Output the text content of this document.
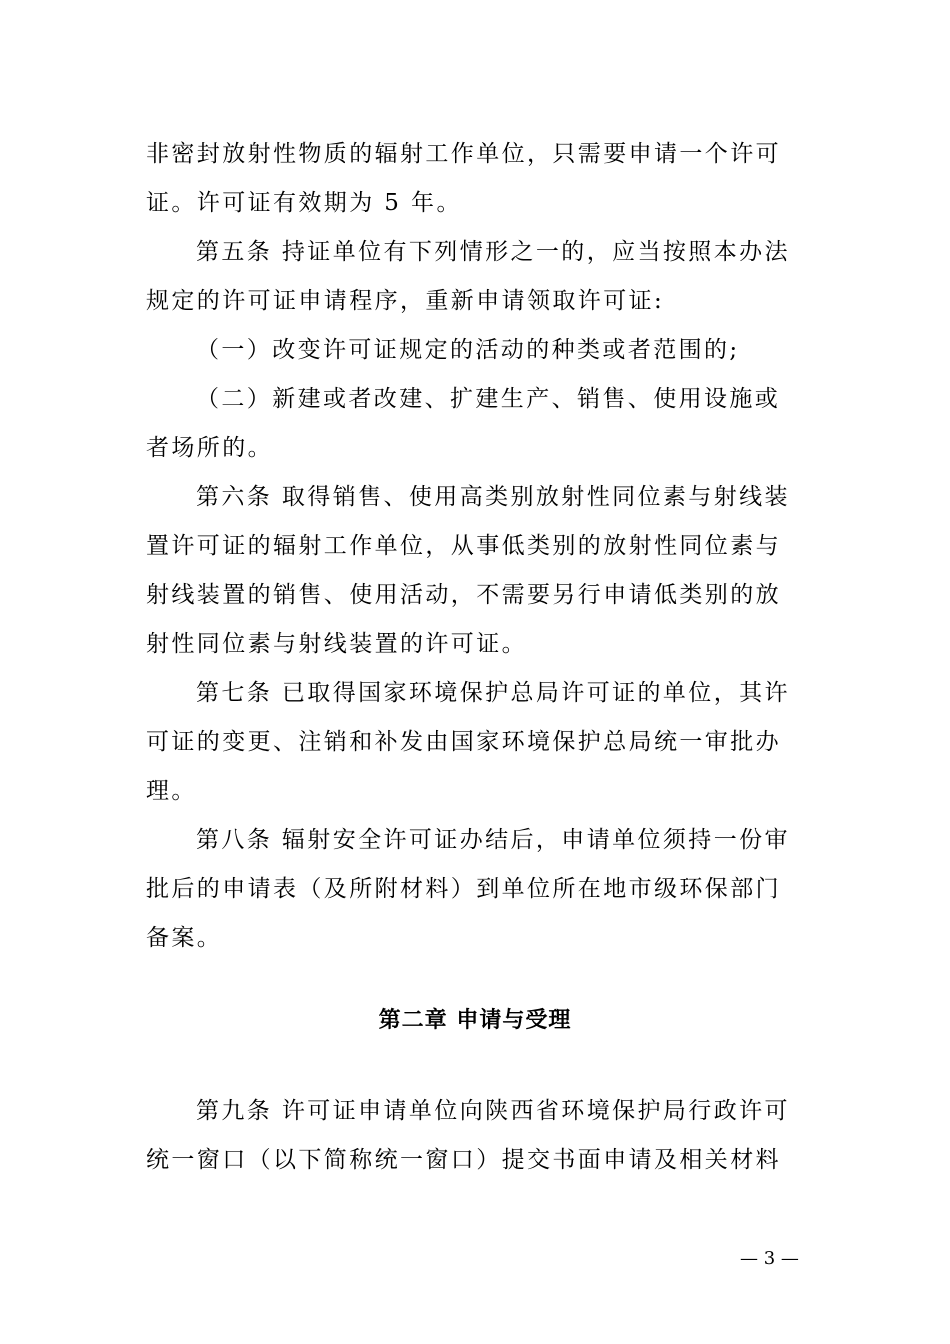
非密封放射性物质的辐射工作单位，只需要申请一个许可
证。许可证有效期为 5 年。
第五条 持证单位有下列情形之一的，应当按照本办法
规定的许可证申请程序，重新申请领取许可证:
（一）改变许可证规定的活动的种类或者范围的;
（二）新建或者改建、扩建生产、销售、使用设施或
者场所的。
第六条 取得销售、使用高类别放射性同位素与射线装
置许可证的辐射工作单位，从事低类别的放射性同位素与
射线装置的销售、使用活动，不需要另行申请低类别的放
射性同位素与射线装置的许可证。
第七条 已取得国家环境保护总局许可证的单位，其许
可证的变更、注销和补发由国家环境保护总局统一审批办
理。
第八条 辐射安全许可证办结后，申请单位须持一份审
批后的申请表（及所附材料）到单位所在地市级环保部门
备案。
第二章 申请与受理
第九条 许可证申请单位向陕西省环境保护局行政许可
统一窗口（以下简称统一窗口）提交书面申请及相关材料
— 3 —
